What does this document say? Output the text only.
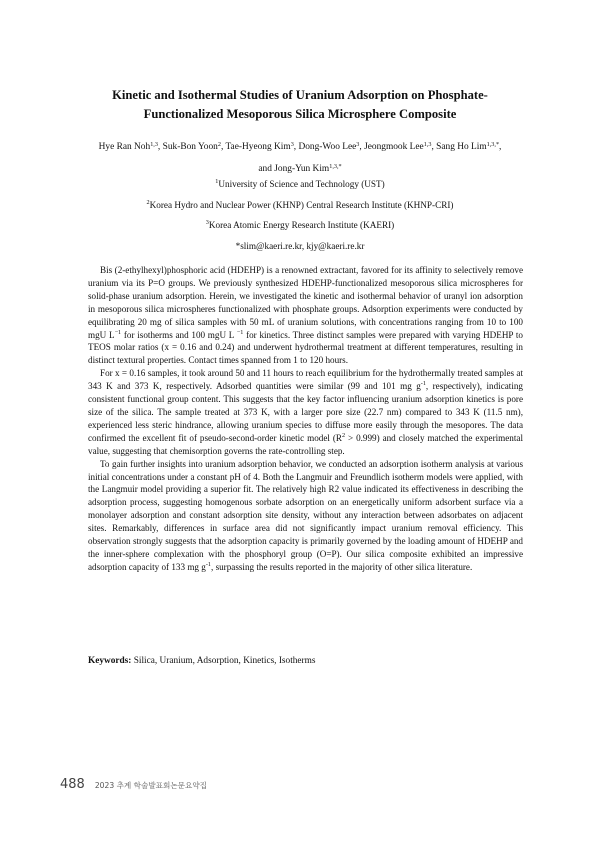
Kinetic and Isothermal Studies of Uranium Adsorption on Phosphate-
Functionalized Mesoporous Silica Microsphere Composite
Hye Ran Noh$^{1,3}$, Suk-Bon Yoon$^2$, Tae-Hyeong Kim$^3$, Dong-Woo Lee$^3$, Jeongmook Lee$^{1,3}$, Sang Ho Lim$^{1,3,*}$,
and Jong-Yun Kim$^{1,3,*}$
$^1$University of Science and Technology (UST)
$^2$Korea Hydro and Nuclear Power (KHNP) Central Research Institute (KHNP-CRI)
$^3$Korea Atomic Energy Research Institute (KAERI)
*slim@kaeri.re.kr, kjy@kaeri.re.kr

Bis (2-ethylhexyl)phosphoric acid (HDEHP) is a renowned extractant, favored for its affinity to selectively remove uranium via its P=O groups. We previously synthesized HDEHP-functionalized mesoporous silica microspheres for solid-phase uranium adsorption. Herein, we investigated the kinetic and isothermal behavior of uranyl ion adsorption in mesoporous silica microspheres functionalized with phosphate groups. Adsorption experiments were conducted by equilibrating 20 mg of silica samples with 50 mL of uranium solutions, with concentrations ranging from 10 to 100 mgU $L^{-1}$ for isotherms and 100 mgU L $^{-1}$ for kinetics. Three distinct samples were prepared with varying HDEHP to TEOS molar ratios (x = 0.16 and 0.24) and underwent hydrothermal treatment at different temperatures, resulting in distinct textural properties. Contact times spanned from 1 to 120 hours.

For x = 0.16 samples, it took around 50 and 11 hours to reach equilibrium for the hydrothermally treated samples at 343 K and 373 K, respectively. Adsorbed quantities were similar (99 and 101 mg $g^{-1}$, respectively), indicating consistent functional group content. This suggests that the key factor influencing uranium adsorption kinetics is pore size of the silica. The sample treated at 373 K, with a larger pore size (22.7 nm) compared to 343 K (11.5 nm), experienced less steric hindrance, allowing uranium species to diffuse more easily through the mesopores. The data confirmed the excellent fit of pseudo-second-order kinetic model $(R^2 > 0.999)$ and closely matched the experimental value, suggesting that chemisorption governs the rate-controlling step.

To gain further insights into uranium adsorption behavior, we conducted an adsorption isotherm analysis at various initial concentrations under a constant pH of 4. Both the Langmuir and Freundlich isotherm models were applied, with the Langmuir model providing a superior fit. The relatively high R2 value indicated its effectiveness in describing the adsorption process, suggesting homogenous sorbate adsorption on an energetically uniform adsorbent surface via a monolayer adsorption and constant adsorption site density, without any interaction between adsorbates on adjacent sites. Remarkably, differences in surface area did not significantly impact uranium removal efficiency. This observation strongly suggests that the adsorption capacity is primarily governed by the loading amount of HDEHP and the inner-sphere complexation with the phosphoryl group (O=P). Our silica composite exhibited an impressive adsorption capacity of 133 mg $g^{-1}$, surpassing the results reported in the majority of other silica literature.

Keywords: Silica, Uranium, Adsorption, Kinetics, Isotherms
488 2023 추계 학술발표회논문요약집
